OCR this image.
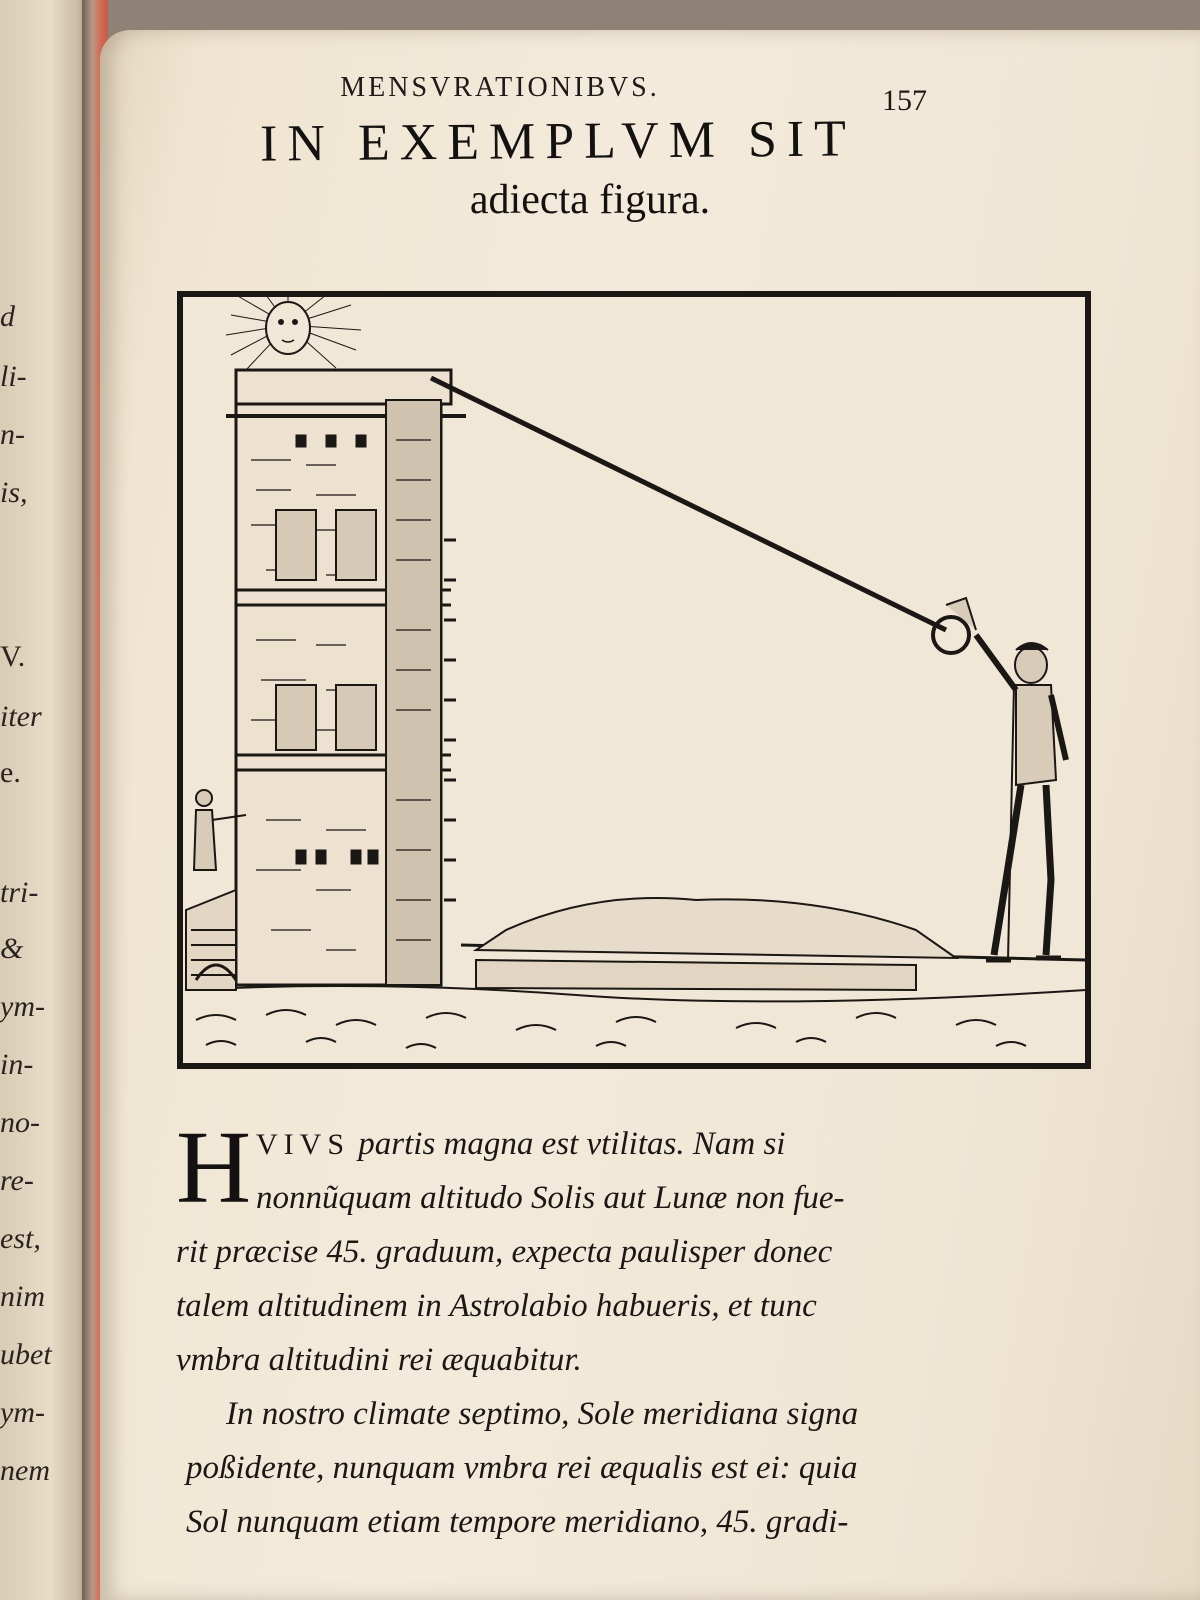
d
li-
n-
is,
V.
iter
e.
tri-
&
ym-
in-
no-
re-
est,
nim
ubet
ym-
nem
MENSVRATIONIBVS.	157
IN EXEMPLVM SIT
adiecta figura.
H VIVS partis magna est vtilitas. Nam si
nonnũquam altitudo Solis aut Lunæ non fue-
rit præcise 45. graduum, expecta paulisper donec
talem altitudinem in Astrolabio habueris, et tunc
vmbra altitudini rei æquabitur.
In nostro climate septimo, Sole meridiana signa
poßidente, nunquam vmbra rei æqualis est ei: quia
Sol nunquam etiam tempore meridiano, 45. gradi-
